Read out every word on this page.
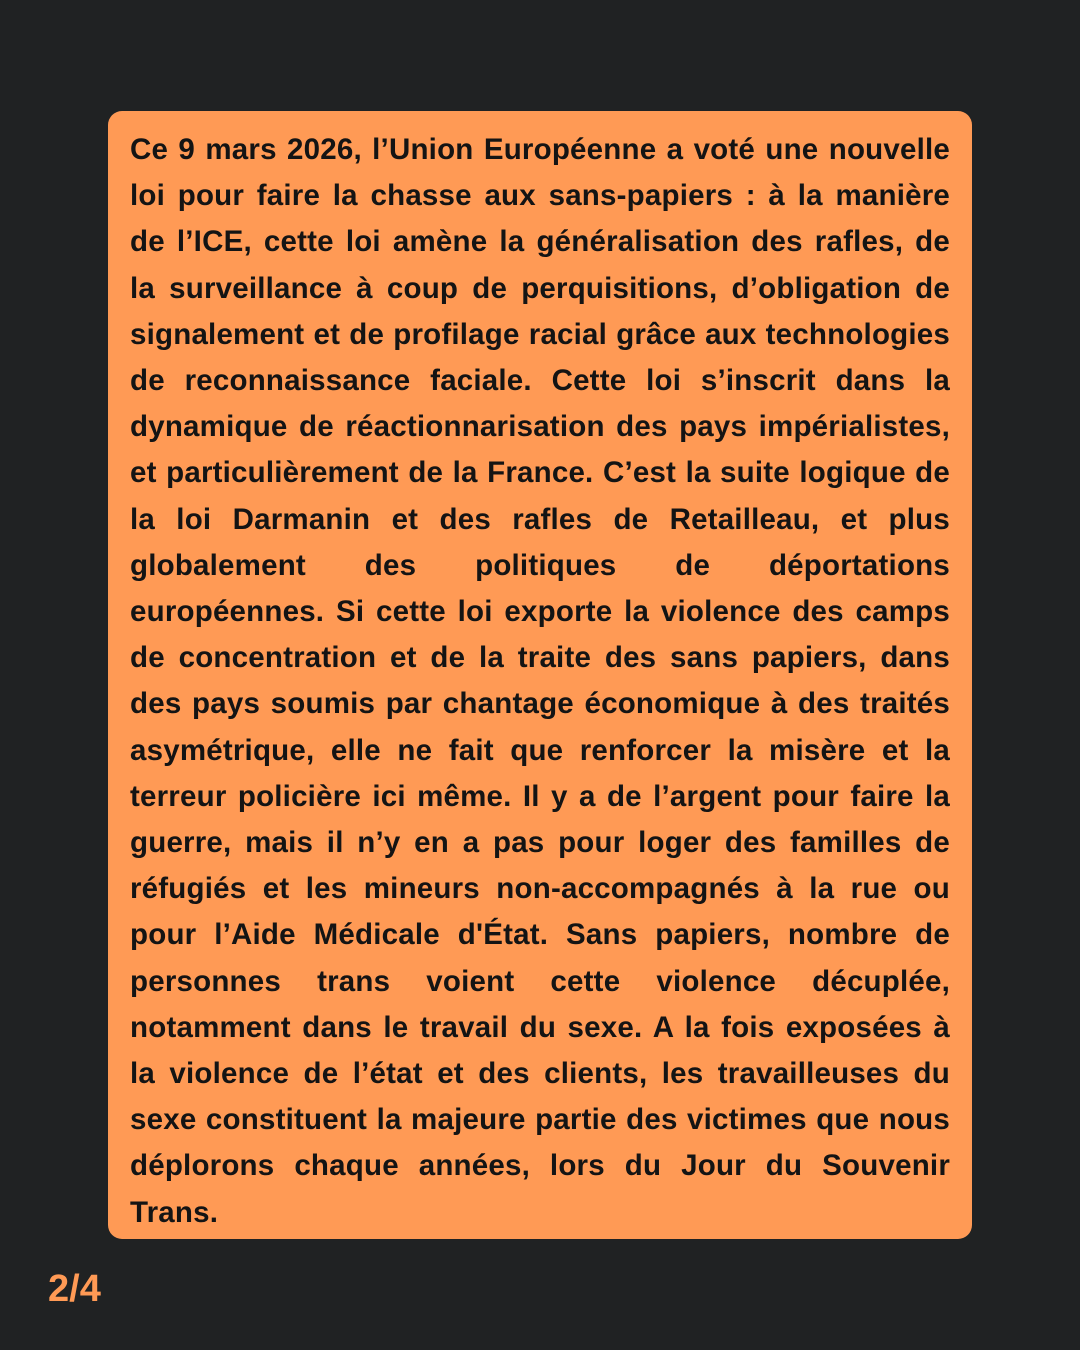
Ce 9 mars 2026, l’Union Européenne a voté une nouvelle loi pour faire la chasse aux sans-papiers : à la manière de l’ICE, cette loi amène la généralisation des rafles, de la surveillance à coup de perquisitions, d’obligation de signalement et de profilage racial grâce aux technologies de reconnaissance faciale. Cette loi s’inscrit dans la dynamique de réactionnarisation des pays impérialistes, et particulièrement de la France. C’est la suite logique de la loi Darmanin et des rafles de Retailleau, et plus globalement des politiques de déportations européennes. Si cette loi exporte la violence des camps de concentration et de la traite des sans papiers, dans des pays soumis par chantage économique à des traités asymétrique, elle ne fait que renforcer la misère et la terreur policière ici même. Il y a de l’argent pour faire la guerre, mais il n’y en a pas pour loger des familles de réfugiés et les mineurs non-accompagnés à la rue ou pour l’Aide Médicale d'État. Sans papiers, nombre de personnes trans voient cette violence décuplée, notamment dans le travail du sexe. A la fois exposées à la violence de l’état et des clients, les travailleuses du sexe constituent la majeure partie des victimes que nous déplorons chaque années, lors du Jour du Souvenir Trans.

2/4
